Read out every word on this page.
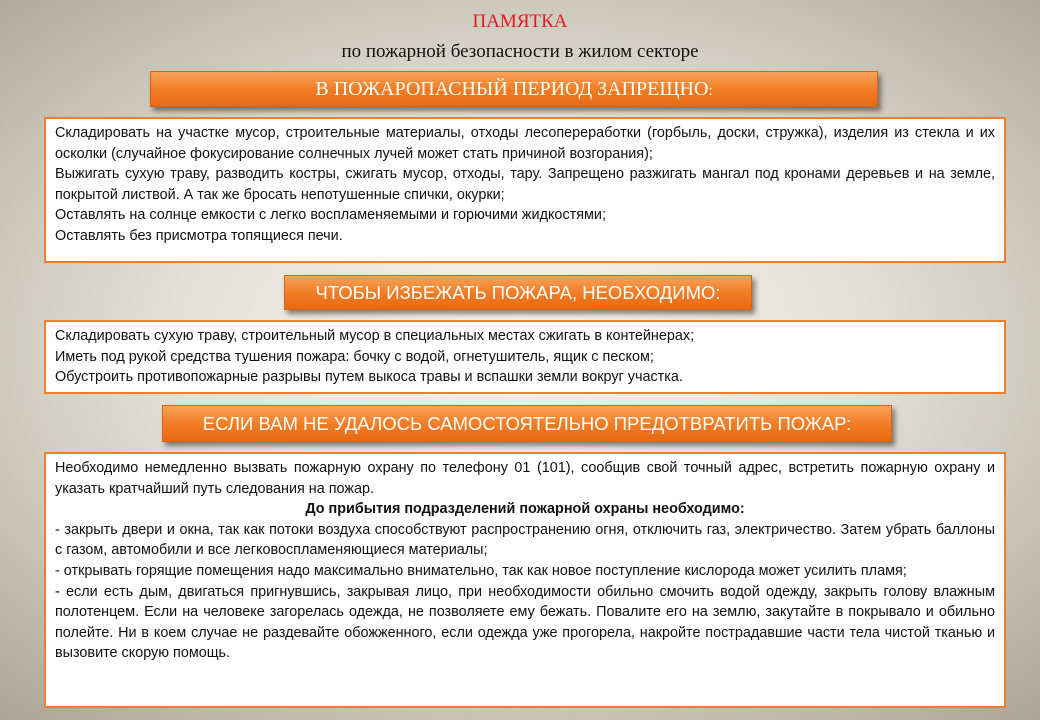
ПАМЯТКА
по пожарной безопасности в жилом секторе
В ПОЖАРОПАСНЫЙ ПЕРИОД ЗАПРЕЩНО:

Складировать на участке мусор, строительные материалы, отходы лесопереработки (горбыль, доски, стружка), изделия из стекла и их осколки (случайное фокусирование солнечных лучей может стать причиной возгорания);

Выжигать сухую траву, разводить костры, сжигать мусор, отходы, тару. Запрещено разжигать мангал под кронами деревьев и на земле, покрытой листвой. А так же бросать непотушенные спички, окурки;

Оставлять на солнце емкости с легко воспламеняемыми и горючими жидкостями;

Оставлять без присмотра топящиеся печи.

ЧТОБЫ ИЗБЕЖАТЬ ПОЖАРА, НЕОБХОДИМО:

Складировать сухую траву, строительный мусор в специальных местах сжигать в контейнерах;

Иметь под рукой средства тушения пожара: бочку с водой, огнетушитель, ящик с песком;

Обустроить противопожарные разрывы путем выкоса травы и вспашки земли вокруг участка.

ЕСЛИ ВАМ НЕ УДАЛОСЬ САМОСТОЯТЕЛЬНО ПРЕДОТВРАТИТЬ ПОЖАР:

Необходимо немедленно вызвать пожарную охрану по телефону 01 (101), сообщив свой точный адрес, встретить пожарную охрану и указать кратчайший путь следования на пожар.

До прибытия подразделений пожарной охраны необходимо:

- закрыть двери и окна, так как потоки воздуха способствуют распространению огня, отключить газ, электричество. Затем убрать баллоны с газом, автомобили и все легковоспламеняющиеся материалы;

- открывать горящие помещения надо максимально внимательно, так как новое поступление кислорода может усилить пламя;

- если есть дым, двигаться пригнувшись, закрывая лицо, при необходимости обильно смочить водой одежду, закрыть голову влажным полотенцем. Если на человеке загорелась одежда, не позволяете ему бежать. Повалите его на землю, закутайте в покрывало и обильно полейте. Ни в коем случае не раздевайте обожженного, если одежда уже прогорела, накройте пострадавшие части тела чистой тканью и вызовите скорую помощь.
